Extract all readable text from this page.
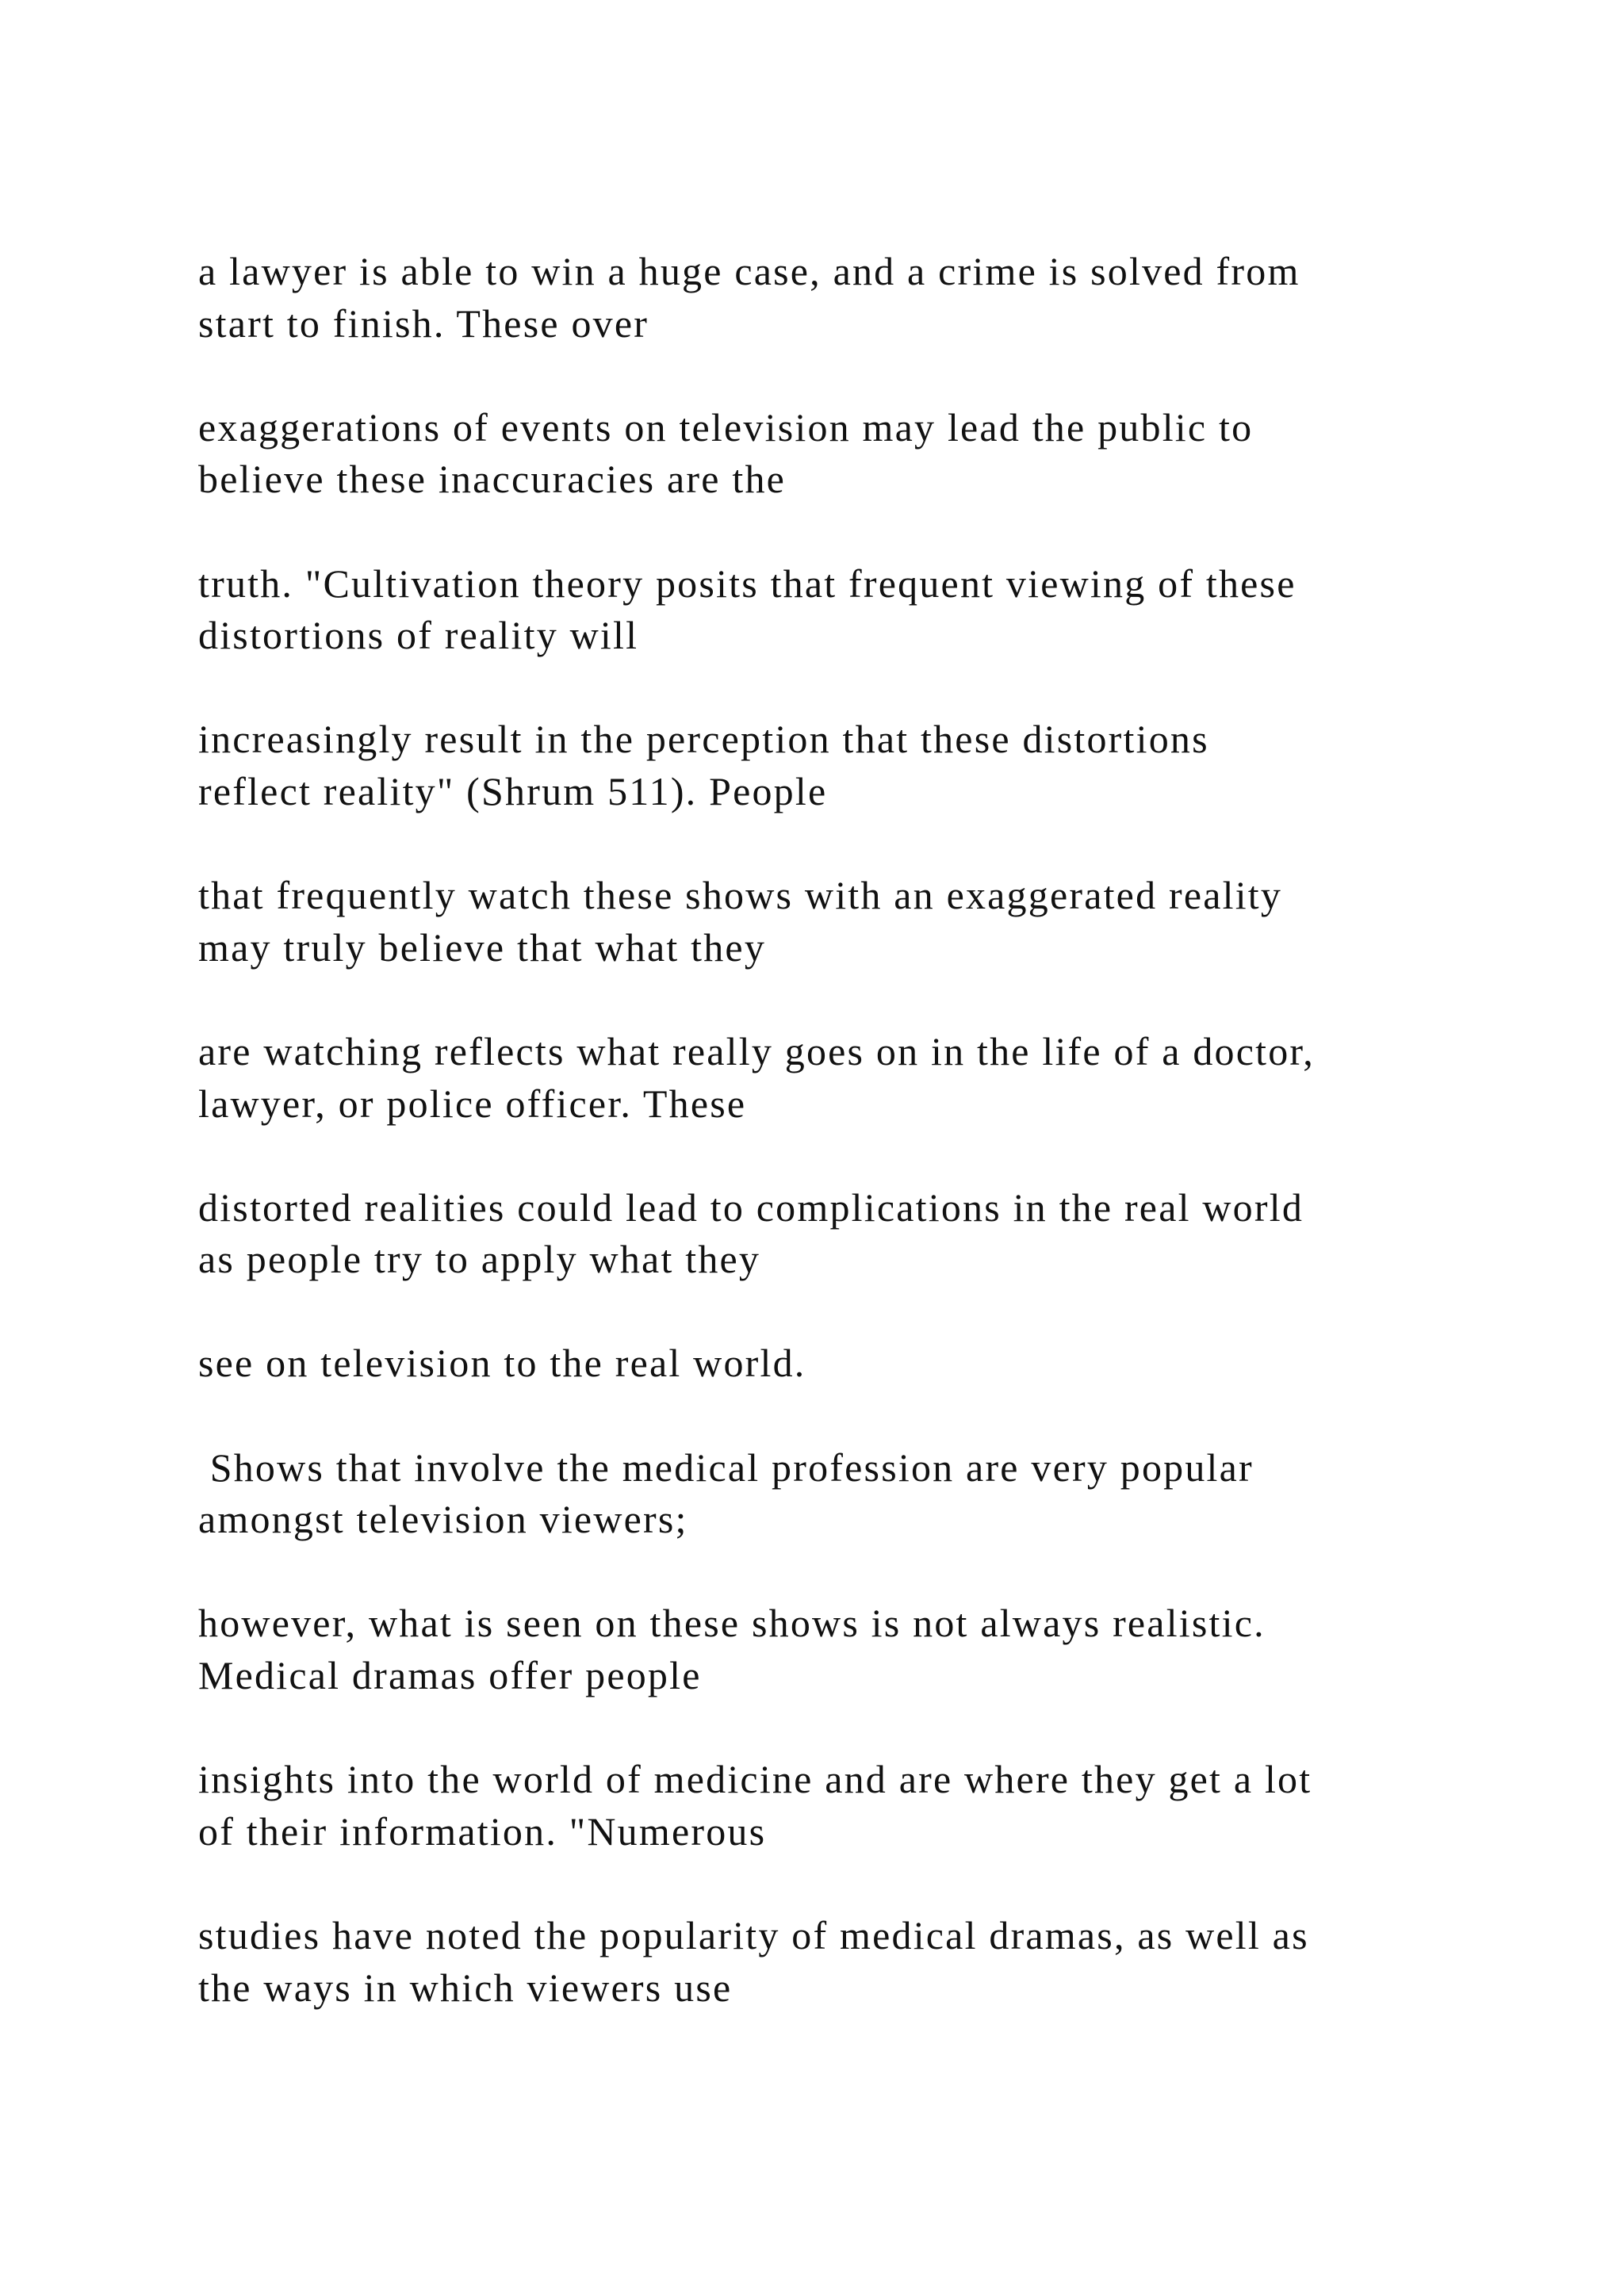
a lawyer is able to win a huge case, and a crime is solved from
start to finish. These over

exaggerations of events on television may lead the public to
believe these inaccuracies are the

truth. "Cultivation theory posits that frequent viewing of these
distortions of reality will

increasingly result in the perception that these distortions
reflect reality" (Shrum 511). People

that frequently watch these shows with an exaggerated reality
may truly believe that what they

are watching reflects what really goes on in the life of a doctor,
lawyer, or police officer. These

distorted realities could lead to complications in the real world
as people try to apply what they

see on television to the real world.

Shows that involve the medical profession are very popular
amongst television viewers;

however, what is seen on these shows is not always realistic.
Medical dramas offer people

insights into the world of medicine and are where they get a lot
of their information. "Numerous

studies have noted the popularity of medical dramas, as well as
the ways in which viewers use
